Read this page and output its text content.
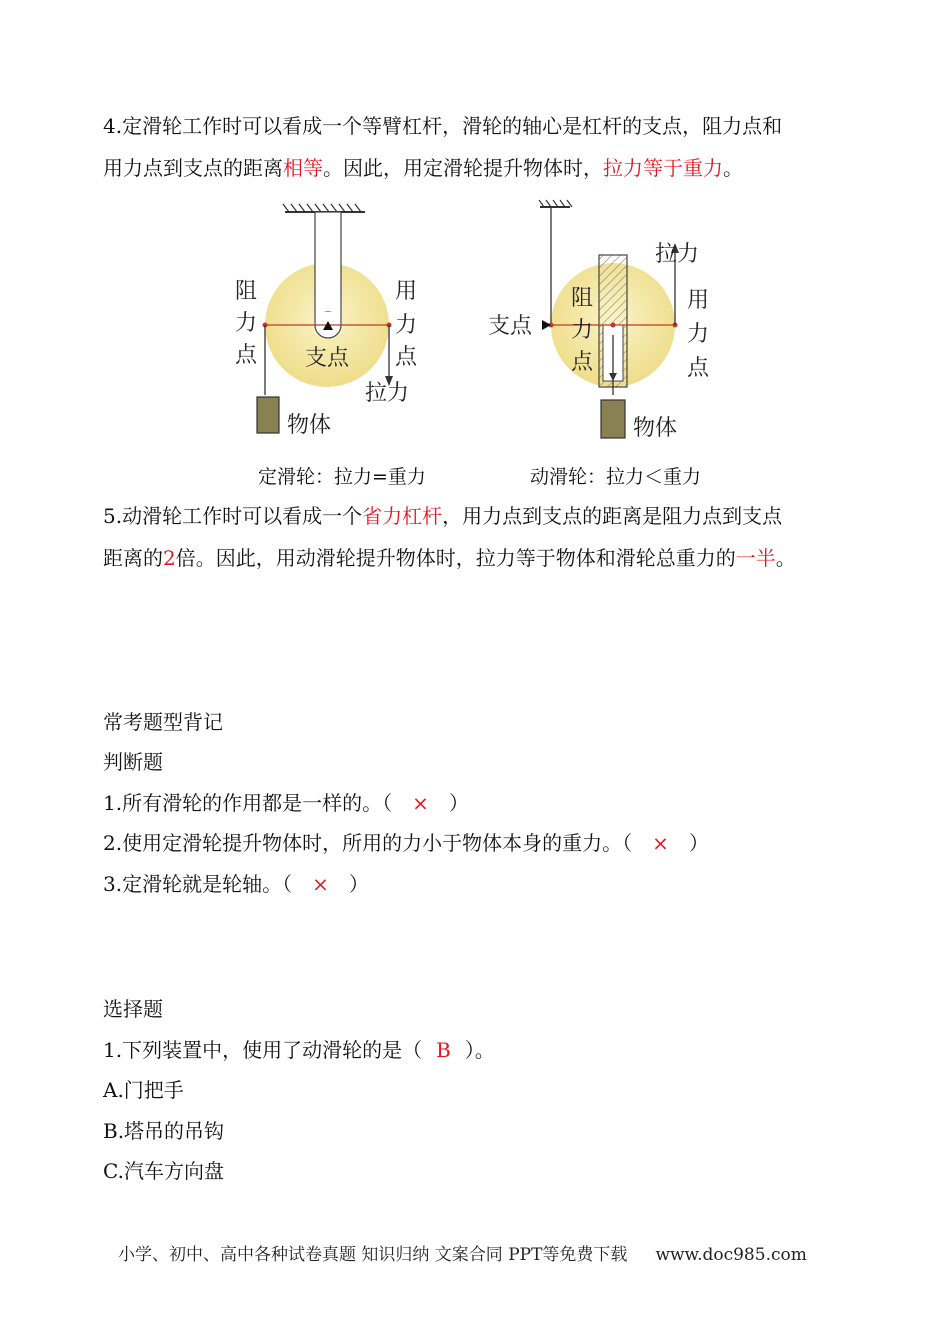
4.定滑轮工作时可以看成一个等臂杠杆，滑轮的轴心是杠杆的支点，阻力点和
用力点到支点的距离相等。因此，用定滑轮提升物体时，拉力等于重力。
阻
力
点
用
力
点
支点
拉力
物体
支点
拉力
阻
力
点
用
力
点
物体
定滑轮：拉力=重力	动滑轮：拉力＜重力
5.动滑轮工作时可以看成一个省力杠杆，用力点到支点的距离是阻力点到支点
距离的2倍。因此，用动滑轮提升物体时，拉力等于物体和滑轮总重力的一半。
常考题型背记
判断题
1.所有滑轮的作用都是一样的。（ × ）
2.使用定滑轮提升物体时，所用的力小于物体本身的重力。（ × ）
3.定滑轮就是轮轴。（ × ）
选择题
1.下列装置中，使用了动滑轮的是（ B ）。
A.门把手
B.塔吊的吊钩
C.汽车方向盘
小学、初中、高中各种试卷真题 知识归纳 文案合同 PPT等免费下载 www.doc985.com
